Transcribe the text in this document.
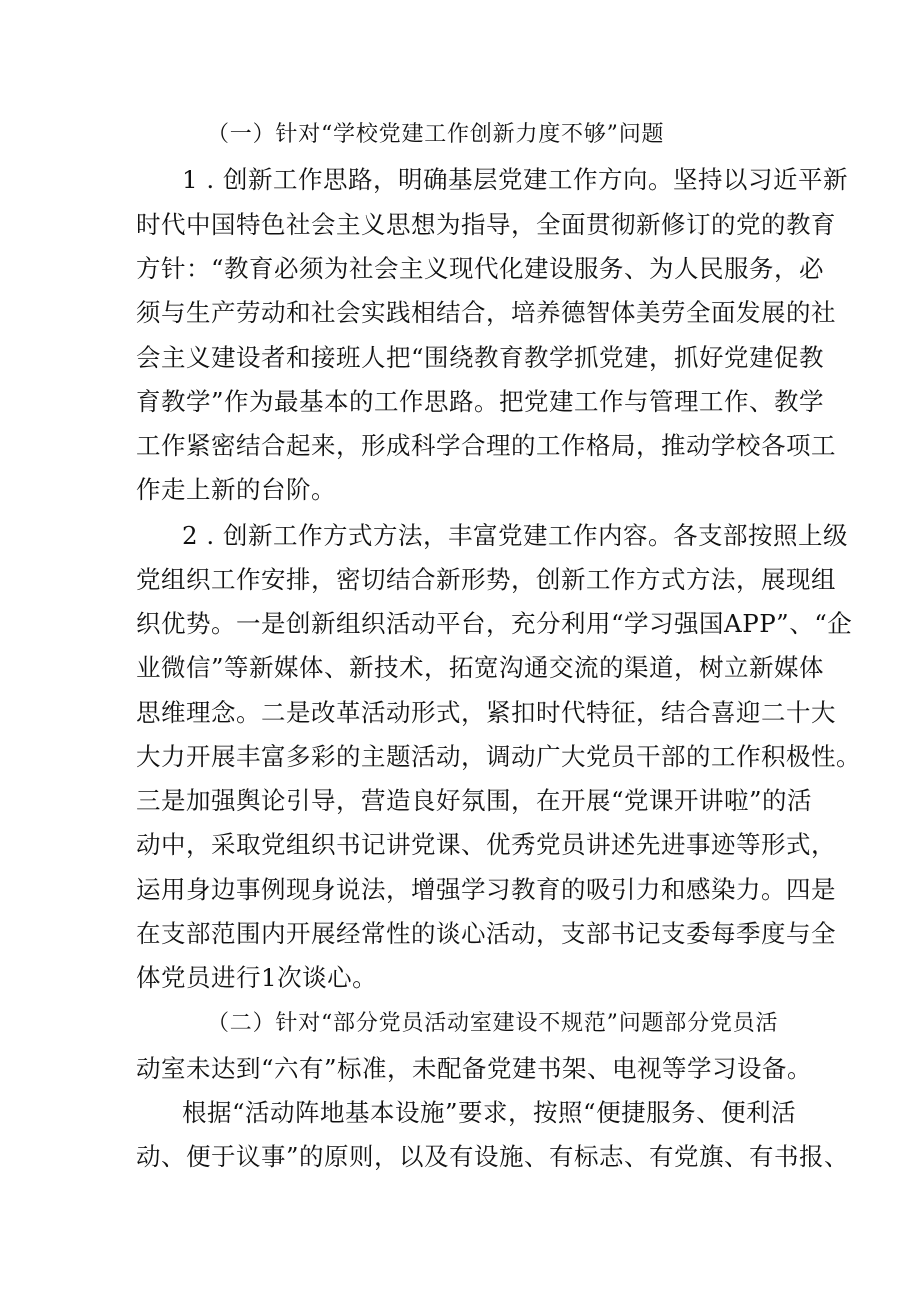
（一）针对“学校党建工作创新力度不够”问题
1 . 创新工作思路，明确基层党建工作方向。坚持以习近平新
时代中国特色社会主义思想为指导，全面贯彻新修订的党的教育
方针：“教育必须为社会主义现代化建设服务、为人民服务，必
须与生产劳动和社会实践相结合，培养德智体美劳全面发展的社
会主义建设者和接班人把“围绕教育教学抓党建，抓好党建促教
育教学”作为最基本的工作思路。把党建工作与管理工作、教学
工作紧密结合起来，形成科学合理的工作格局，推动学校各项工
作走上新的台阶。
2 . 创新工作方式方法，丰富党建工作内容。各支部按照上级
党组织工作安排，密切结合新形势，创新工作方式方法，展现组
织优势。一是创新组织活动平台，充分利用“学习强国APP”、“企
业微信”等新媒体、新技术，拓宽沟通交流的渠道，树立新媒体
思维理念。二是改革活动形式，紧扣时代特征，结合喜迎二十大
大力开展丰富多彩的主题活动，调动广大党员干部的工作积极性。
三是加强舆论引导，营造良好氛围，在开展“党课开讲啦”的活
动中，采取党组织书记讲党课、优秀党员讲述先进事迹等形式，
运用身边事例现身说法，增强学习教育的吸引力和感染力。四是
在支部范围内开展经常性的谈心活动，支部书记支委每季度与全
体党员进行1次谈心。
（二）针对“部分党员活动室建设不规范”问题部分党员活
动室未达到“六有”标准，未配备党建书架、电视等学习设备。
根据“活动阵地基本设施”要求，按照“便捷服务、便利活
动、便于议事”的原则，以及有设施、有标志、有党旗、有书报、
